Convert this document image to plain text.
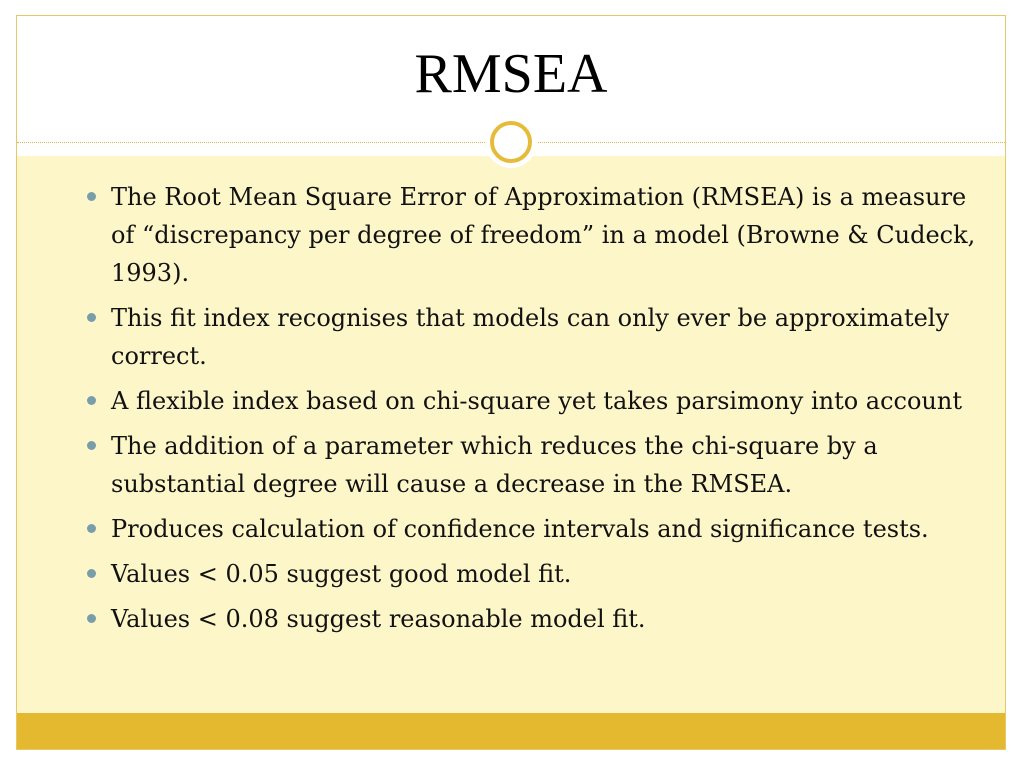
RMSEA
The Root Mean Square Error of Approximation (RMSEA) is a measure of “discrepancy per degree of freedom” in a model (Browne & Cudeck, 1993).
This fit index recognises that models can only ever be approximately correct.
A flexible index based on chi-square yet takes parsimony into account
The addition of a parameter which reduces the chi-square by a substantial degree will cause a decrease in the RMSEA.
Produces calculation of confidence intervals and significance tests.
Values < 0.05 suggest good model fit.
Values < 0.08 suggest reasonable model fit.
